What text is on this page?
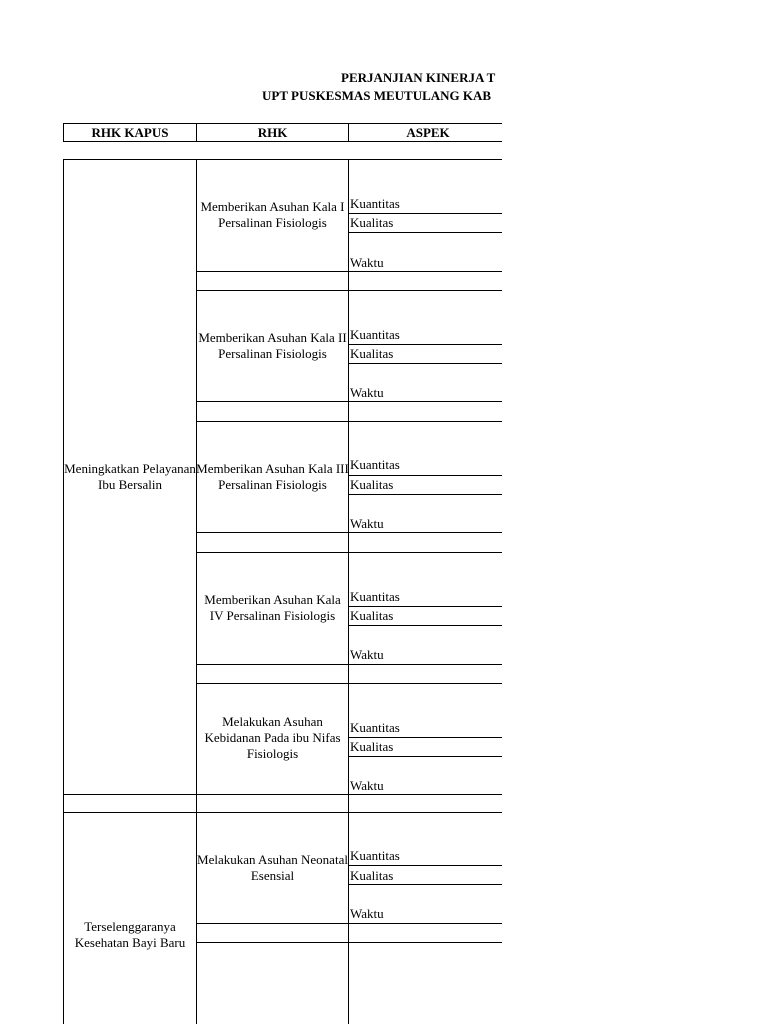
PERJANJIAN KINERJA T
UPT PUSKESMAS MEUTULANG KAB
RHK KAPUS	RHK	ASPEK
Meningkatkan Pelayanan Ibu Bersalin
Memberikan Asuhan Kala I Persalinan Fisiologis
Memberikan Asuhan Kala II Persalinan Fisiologis
Memberikan Asuhan Kala III Persalinan Fisiologis
Memberikan Asuhan Kala IV Persalinan Fisiologis
Melakukan Asuhan Kebidanan Pada ibu Nifas Fisiologis
Kuantitas
Kualitas
Waktu
Kuantitas
Kualitas
Waktu
Kuantitas
Kualitas
Waktu
Kuantitas
Kualitas
Waktu
Kuantitas
Kualitas
Waktu
Terselenggaranya Kesehatan Bayi Baru
Melakukan Asuhan Neonatal Esensial
Kuantitas
Kualitas
Waktu
